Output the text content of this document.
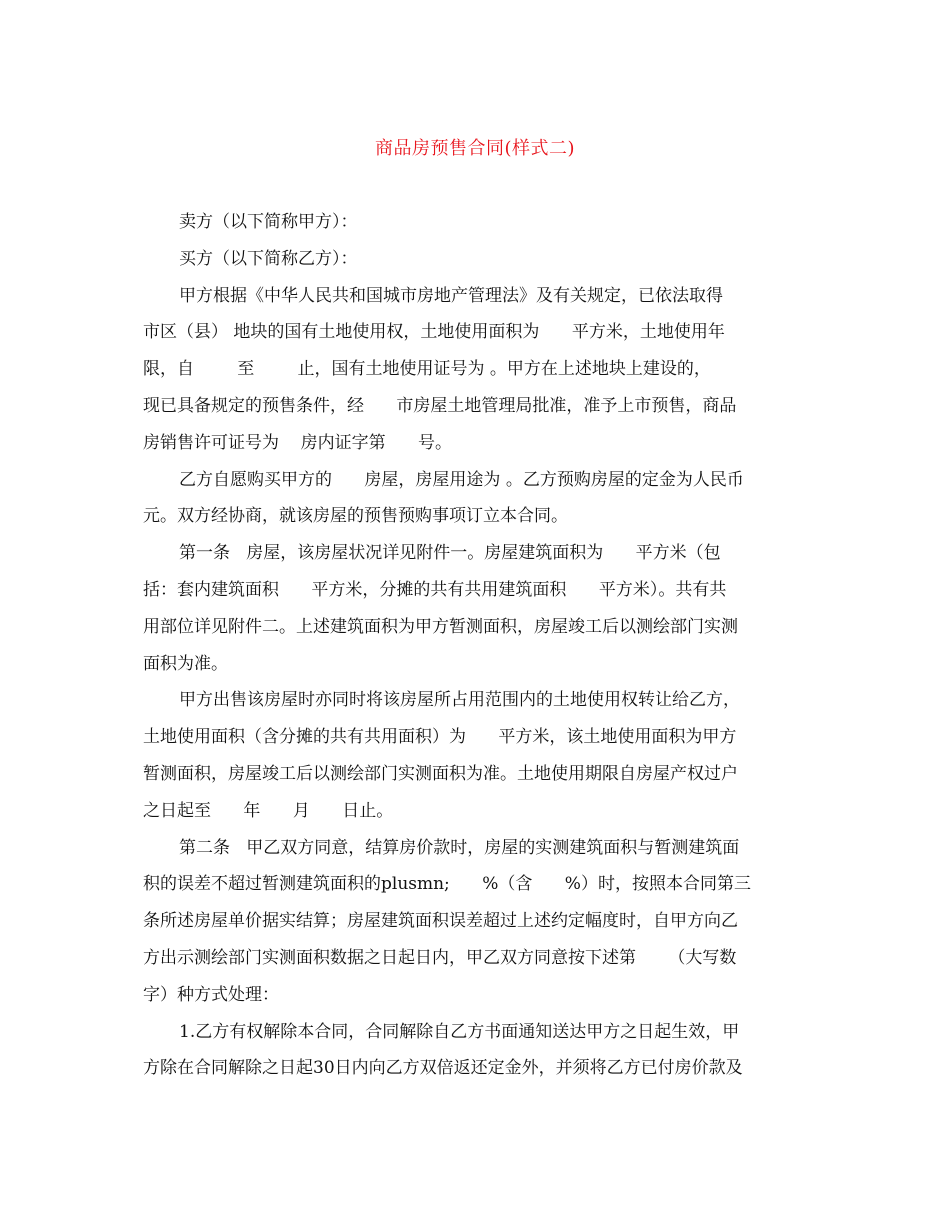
商品房预售合同(样式二)
卖方（以下简称甲方）：
买方（以下简称乙方）：
甲方根据《中华人民共和国城市房地产管理法》及有关规定，已依法取得
市区（县） 地块的国有土地使用权，土地使用面积为      平方米，土地使用年
限，自        至        止，国有土地使用证号为 。甲方在上述地块上建设的，
现已具备规定的预售条件，经      市房屋土地管理局批准，准予上市预售，商品
房销售许可证号为    房内证字第      号。
乙方自愿购买甲方的      房屋，房屋用途为 。乙方预购房屋的定金为人民币
元。双方经协商，就该房屋的预售预购事项订立本合同。
第一条   房屋，该房屋状况详见附件一。房屋建筑面积为      平方米（包
括：套内建筑面积      平方米，分摊的共有共用建筑面积      平方米）。共有共
用部位详见附件二。上述建筑面积为甲方暂测面积，房屋竣工后以测绘部门实测
面积为准。
甲方出售该房屋时亦同时将该房屋所占用范围内的土地使用权转让给乙方，
土地使用面积（含分摊的共有共用面积）为      平方米，该土地使用面积为甲方
暂测面积，房屋竣工后以测绘部门实测面积为准。土地使用期限自房屋产权过户
之日起至      年      月      日止。
第二条   甲乙双方同意，结算房价款时，房屋的实测建筑面积与暂测建筑面
积的误差不超过暂测建筑面积的plusmn;      %（含      %）时，按照本合同第三
条所述房屋单价据实结算；房屋建筑面积误差超过上述约定幅度时，自甲方向乙
方出示测绘部门实测面积数据之日起日内，甲乙双方同意按下述第      （大写数
字）种方式处理：
1.乙方有权解除本合同，合同解除自乙方书面通知送达甲方之日起生效，甲
方除在合同解除之日起30日内向乙方双倍返还定金外，并须将乙方已付房价款及
